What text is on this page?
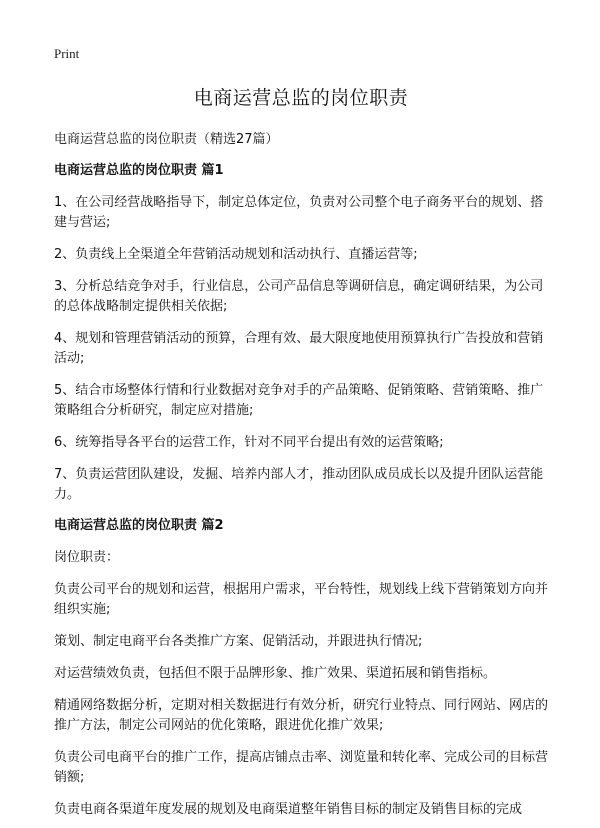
Print
电商运营总监的岗位职责

电商运营总监的岗位职责（精选27篇）

电商运营总监的岗位职责 篇1

1、在公司经营战略指导下，制定总体定位，负责对公司整个电子商务平台的规划、搭建与营运;

2、负责线上全渠道全年营销活动规划和活动执行、直播运营等;

3、分析总结竞争对手，行业信息，公司产品信息等调研信息，确定调研结果，为公司的总体战略制定提供相关依据;

4、规划和管理营销活动的预算，合理有效、最大限度地使用预算执行广告投放和营销活动;

5、结合市场整体行情和行业数据对竞争对手的产品策略、促销策略、营销策略、推广策略组合分析研究，制定应对措施;

6、统筹指导各平台的运营工作，针对不同平台提出有效的运营策略;

7、负责运营团队建设，发掘、培养内部人才，推动团队成员成长以及提升团队运营能力。

电商运营总监的岗位职责 篇2

岗位职责：

负责公司平台的规划和运营，根据用户需求，平台特性，规划线上线下营销策划方向并组织实施;

策划、制定电商平台各类推广方案、促销活动，并跟进执行情况;

对运营绩效负责，包括但不限于品牌形象、推广效果、渠道拓展和销售指标。

精通网络数据分析，定期对相关数据进行有效分析，研究行业特点、同行网站、网店的推广方法，制定公司网站的优化策略，跟进优化推广效果;

负责公司电商平台的推广工作，提高店铺点击率、浏览量和转化率、完成公司的目标营销额;

负责电商各渠道年度发展的规划及电商渠道整年销售目标的制定及销售目标的完成
